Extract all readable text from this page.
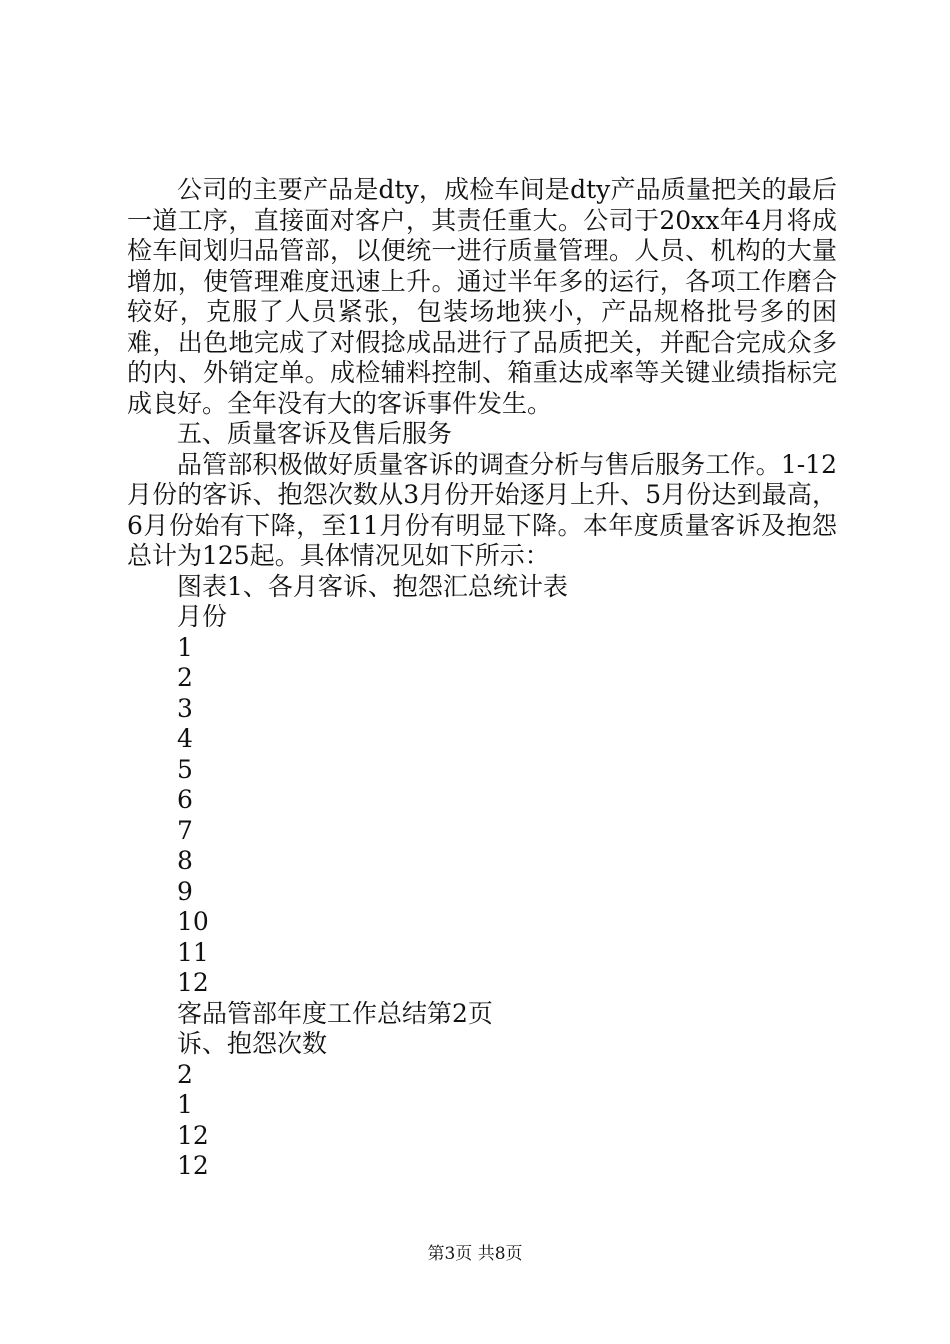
公司的主要产品是dty，成检车间是dty产品质量把关的最后一道工序，直接面对客户，其责任重大。公司于20xx年4月将成检车间划归品管部，以便统一进行质量管理。人员、机构的大量增加，使管理难度迅速上升。通过半年多的运行，各项工作磨合较好，克服了人员紧张，包装场地狭小，产品规格批号多的困难，出色地完成了对假捻成品进行了品质把关，并配合完成众多的内、外销定单。成检辅料控制、箱重达成率等关键业绩指标完成良好。全年没有大的客诉事件发生。

五、质量客诉及售后服务

品管部积极做好质量客诉的调查分析与售后服务工作。1-12月份的客诉、抱怨次数从3月份开始逐月上升、5月份达到最高，6月份始有下降，至11月份有明显下降。本年度质量客诉及抱怨总计为125起。具体情况见如下所示：

图表1、各月客诉、抱怨汇总统计表

月份

1

2

3

4

5

6

7

8

9

10

11

12

客品管部年度工作总结第2页

诉、抱怨次数

2

1

12

12

第3页 共8页
